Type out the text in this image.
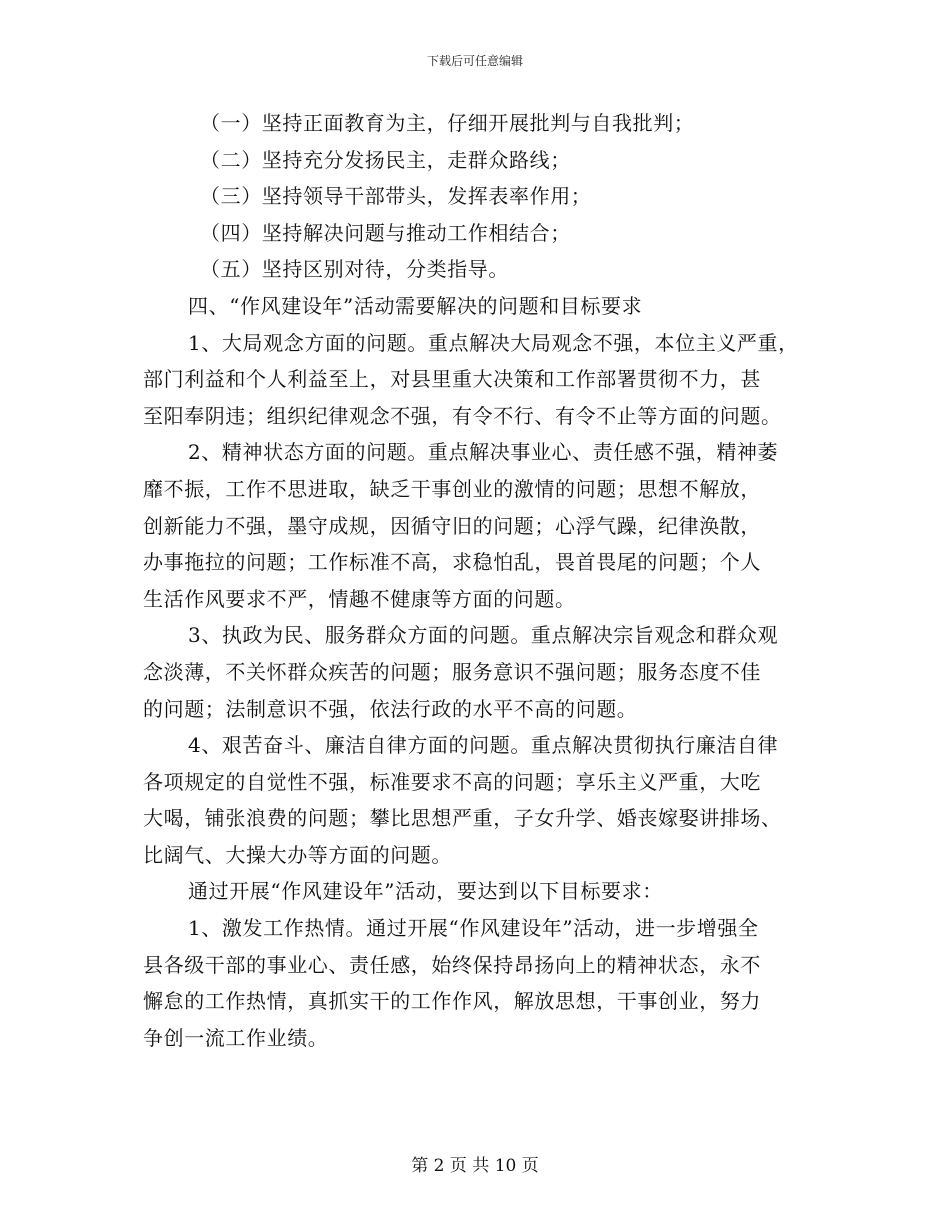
下载后可任意编辑
（一）坚持正面教育为主，仔细开展批判与自我批判；
（二）坚持充分发扬民主，走群众路线；
（三）坚持领导干部带头，发挥表率作用；
（四）坚持解决问题与推动工作相结合；
（五）坚持区别对待，分类指导。
四、“作风建设年”活动需要解决的问题和目标要求
1、大局观念方面的问题。重点解决大局观念不强，本位主义严重，
部门利益和个人利益至上，对县里重大决策和工作部署贯彻不力，甚
至阳奉阴违；组织纪律观念不强，有令不行、有令不止等方面的问题。
2、精神状态方面的问题。重点解决事业心、责任感不强，精神萎
靡不振，工作不思进取，缺乏干事创业的激情的问题；思想不解放，
创新能力不强，墨守成规，因循守旧的问题；心浮气躁，纪律涣散，
办事拖拉的问题；工作标准不高，求稳怕乱，畏首畏尾的问题；个人
生活作风要求不严，情趣不健康等方面的问题。
3、执政为民、服务群众方面的问题。重点解决宗旨观念和群众观
念淡薄，不关怀群众疾苦的问题；服务意识不强问题；服务态度不佳
的问题；法制意识不强，依法行政的水平不高的问题。
4、艰苦奋斗、廉洁自律方面的问题。重点解决贯彻执行廉洁自律
各项规定的自觉性不强，标准要求不高的问题；享乐主义严重，大吃
大喝，铺张浪费的问题；攀比思想严重，子女升学、婚丧嫁娶讲排场、
比阔气、大操大办等方面的问题。
通过开展“作风建设年”活动，要达到以下目标要求：
1、激发工作热情。通过开展“作风建设年”活动，进一步增强全
县各级干部的事业心、责任感，始终保持昂扬向上的精神状态，永不
懈怠的工作热情，真抓实干的工作作风，解放思想，干事创业，努力
争创一流工作业绩。
第 2 页 共 10 页
